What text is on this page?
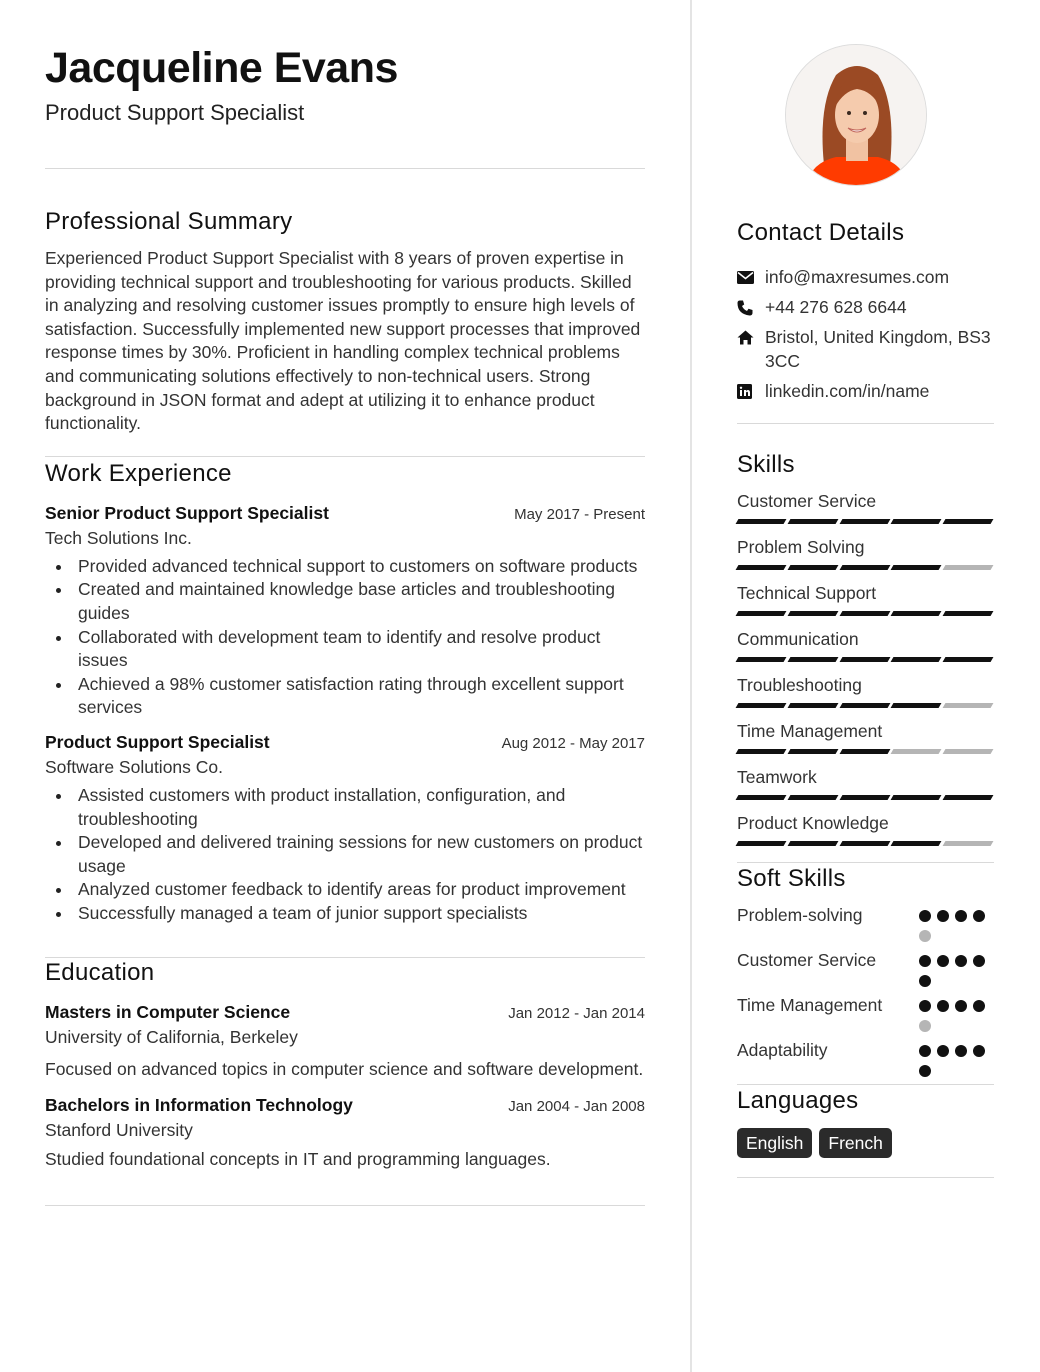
Jacqueline Evans
Product Support Specialist
Professional Summary
Experienced Product Support Specialist with 8 years of proven expertise in providing technical support and troubleshooting for various products. Skilled in analyzing and resolving customer issues promptly to ensure high levels of satisfaction. Successfully implemented new support processes that improved response times by 30%. Proficient in handling complex technical problems and communicating solutions effectively to non-technical users. Strong background in JSON format and adept at utilizing it to enhance product functionality.
Work Experience
Senior Product Support Specialist	May 2017 - Present
Tech Solutions Inc.
Provided advanced technical support to customers on software products
Created and maintained knowledge base articles and troubleshooting guides
Collaborated with development team to identify and resolve product issues
Achieved a 98% customer satisfaction rating through excellent support services
Product Support Specialist	Aug 2012 - May 2017
Software Solutions Co.
Assisted customers with product installation, configuration, and troubleshooting
Developed and delivered training sessions for new customers on product usage
Analyzed customer feedback to identify areas for product improvement
Successfully managed a team of junior support specialists
Education
Masters in Computer Science	Jan 2012 - Jan 2014
University of California, Berkeley
Focused on advanced topics in computer science and software development.
Bachelors in Information Technology	Jan 2004 - Jan 2008
Stanford University
Studied foundational concepts in IT and programming languages.
Contact Details
info@maxresumes.com
+44 276 628 6644
Bristol, United Kingdom, BS3 3CC
linkedin.com/in/name
Skills
Customer Service
Problem Solving
Technical Support
Communication
Troubleshooting
Time Management
Teamwork
Product Knowledge
Soft Skills
Problem-solving
Customer Service
Time Management
Adaptability
Languages
English	French
